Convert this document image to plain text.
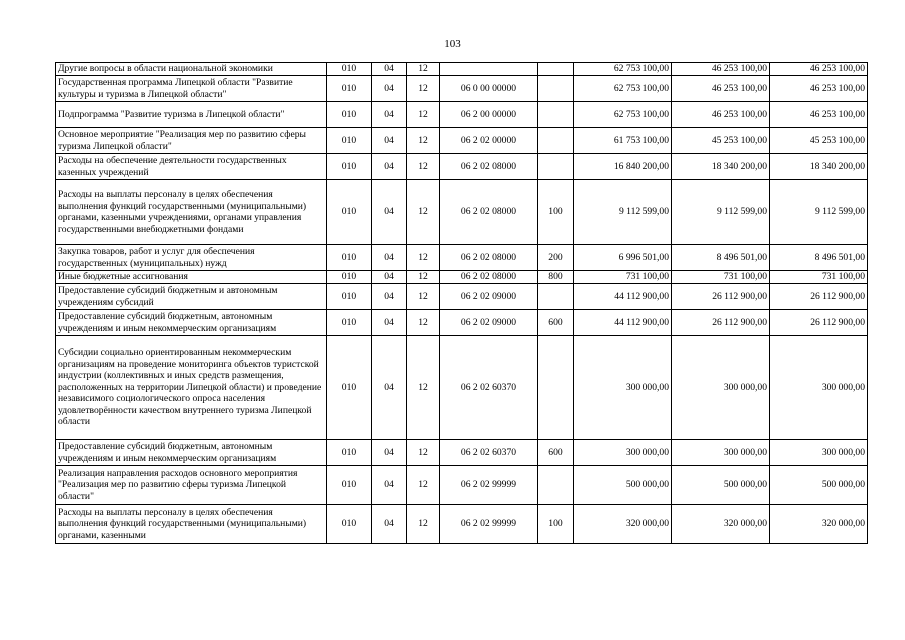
103
Другие вопросы в области национальной экономики	010	04	12			62 753 100,00	46 253 100,00	46 253 100,00
Государственная программа Липецкой области "Развитие культуры и туризма в Липецкой области"	010	04	12	06 0 00 00000		62 753 100,00	46 253 100,00	46 253 100,00
Подпрограмма "Развитие туризма в Липецкой области"	010	04	12	06 2 00 00000		62 753 100,00	46 253 100,00	46 253 100,00
Основное мероприятие "Реализация мер по развитию сферы туризма Липецкой области"	010	04	12	06 2 02 00000		61 753 100,00	45 253 100,00	45 253 100,00
Расходы на обеспечение деятельности государственных казенных учреждений	010	04	12	06 2 02 08000		16 840 200,00	18 340 200,00	18 340 200,00
Расходы на выплаты персоналу в целях обеспечения выполнения функций государственными (муниципальными) органами, казенными учреждениями, органами управления государственными внебюджетными фондами	010	04	12	06 2 02 08000	100	9 112 599,00	9 112 599,00	9 112 599,00
Закупка товаров, работ и услуг для обеспечения государственных (муниципальных) нужд	010	04	12	06 2 02 08000	200	6 996 501,00	8 496 501,00	8 496 501,00
Иные бюджетные ассигнования	010	04	12	06 2 02 08000	800	731 100,00	731 100,00	731 100,00
Предоставление субсидий бюджетным и автономным учреждениям субсидий	010	04	12	06 2 02 09000		44 112 900,00	26 112 900,00	26 112 900,00
Предоставление субсидий бюджетным, автономным учреждениям и иным некоммерческим организациям	010	04	12	06 2 02 09000	600	44 112 900,00	26 112 900,00	26 112 900,00
Субсидии социально ориентированным некоммерческим организациям на проведение мониторинга объектов туристской индустрии (коллективных и иных средств размещения, расположенных на территории Липецкой области) и проведение независимого социологического опроса населения удовлетворённости качеством внутреннего туризма Липецкой области	010	04	12	06 2 02 60370		300 000,00	300 000,00	300 000,00
Предоставление субсидий бюджетным, автономным учреждениям и иным некоммерческим организациям	010	04	12	06 2 02 60370	600	300 000,00	300 000,00	300 000,00
Реализация направления расходов основного мероприятия "Реализация мер по развитию сферы туризма Липецкой области"	010	04	12	06 2 02 99999		500 000,00	500 000,00	500 000,00
Расходы на выплаты персоналу в целях обеспечения выполнения функций государственными (муниципальными) органами, казенными	010	04	12	06 2 02 99999	100	320 000,00	320 000,00	320 000,00
